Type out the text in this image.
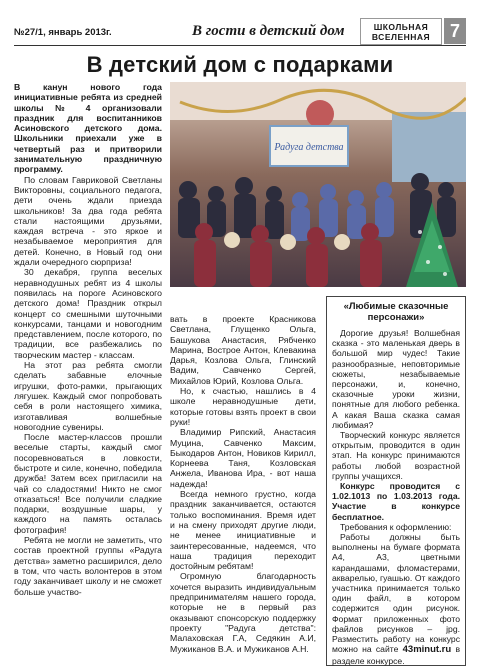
№27/1, январь 2013г.	В гости в детский дом	ШКОЛЬНАЯ
ВСЕЛЕННАЯ	7
В детский дом с подарками

В канун нового года инициативные ребята из средней школы № 4 организовали праздник для воспитанников Асиновского детского дома. Школьники приехали уже в четвертый раз и притворили занимательную праздничную программу.

По словам Гавриковой Светланы Викторовны, социального педагога, дети очень ждали приезда школьников! За два года ребята стали настоящими друзьями, каждая встреча - это яркое и незабываемое мероприятия для детей. Конечно, в Новый год они ждали очередного сюрприза!

30 декабря, группа веселых неравнодушных ребят из 4 школы появилась на пороге Асиновского детского дома! Праздник открыл концерт со смешными шуточными конкурсами, танцами и новогодним представлением, после которого, по традиции, все разбежались по творческим мастер - классам.

На этот раз ребята смогли сделать забавные елочные игрушки, фото-рамки, прыгающих лягушек. Каждый смог попробовать себя в роли настоящего химика, изготавливая волшебные новогодние сувениры.

После мастер-классов прошли веселые старты, каждый смог посоревноваться в ловкости, быстроте и силе, конечно, победила дружба! Затем всех пригласили на чай со сладостями! Никто не смог отказаться! Все получили сладкие подарки, воздушные шары, у каждого на память осталась фотография!

Ребята не могли не заметить, что состав проектной группы «Радуга детства» заметно расширился, дело в том, что часть волонтеров в этом году заканчивает школу и не сможет больше участво-

Радуга детства

вать в проекте Красникова Светлана, Глущенко Ольга, Башукова Анастасия, Рябченко Марина, Вострое Антон, Клевакина Дарья, Козлова Ольга, Глинский Вадим, Савченко Сергей, Михайлов Юрий, Козлова Ольга.

Но, к счастью, нашлись в 4 школе неравнодушные дети, которые готовы взять проект в свои руки!

Владимир Рипский, Анастасия Муцина, Савченко Максим, Быкодаров Антон, Новиков Кирилл, Корнеева Таня, Козловская Анжела, Иванова Ира, - вот наша надежда!

Всегда немного грустно, когда праздник заканчивается, остаются только воспоминания. Время идет и на смену приходят другие люди, не менее инициативные и заинтересованные, надеемся, что наша традиция переходит достойным ребятам!

Огромную благодарность хочется выразить индивидуальным предпринимателям нашего города, которые не в первый раз оказывают спонсорскую поддержку проекту "Радуга детства": Малаховская Г.А, Седякин А.И, Мужиканов В.А. и Мужиканов А.Н.

«Любимые сказочные персонажи»

Дорогие друзья! Волшебная сказка - это маленькая дверь в большой мир чудес! Такие разнообразные, неповторимые сюжеты, незабываемые персонажи, и, конечно, сказочные уроки жизни, понятные для любого ребенка. А какая Ваша сказка самая любимая?

Творческий конкурс является открытым, проводится в один этап. На конкурс принимаются работы любой возрастной группы учащихся.

Конкурс проводится с 1.02.1013 по 1.03.2013 года. Участие в конкурсе бесплатное.

Требования к оформлению:

Работы должны быть выполнены на бумаге формата А4, А3, цветными карандашами, фломастерами, акварелью, гуашью. От каждого участника принимается только один файл, в котором содержится один рисунок. Формат приложенных фото файлов рисунков – jpg. Разместить работу на конкурс можно на сайте 43minut.ru в разделе конкурсе.
